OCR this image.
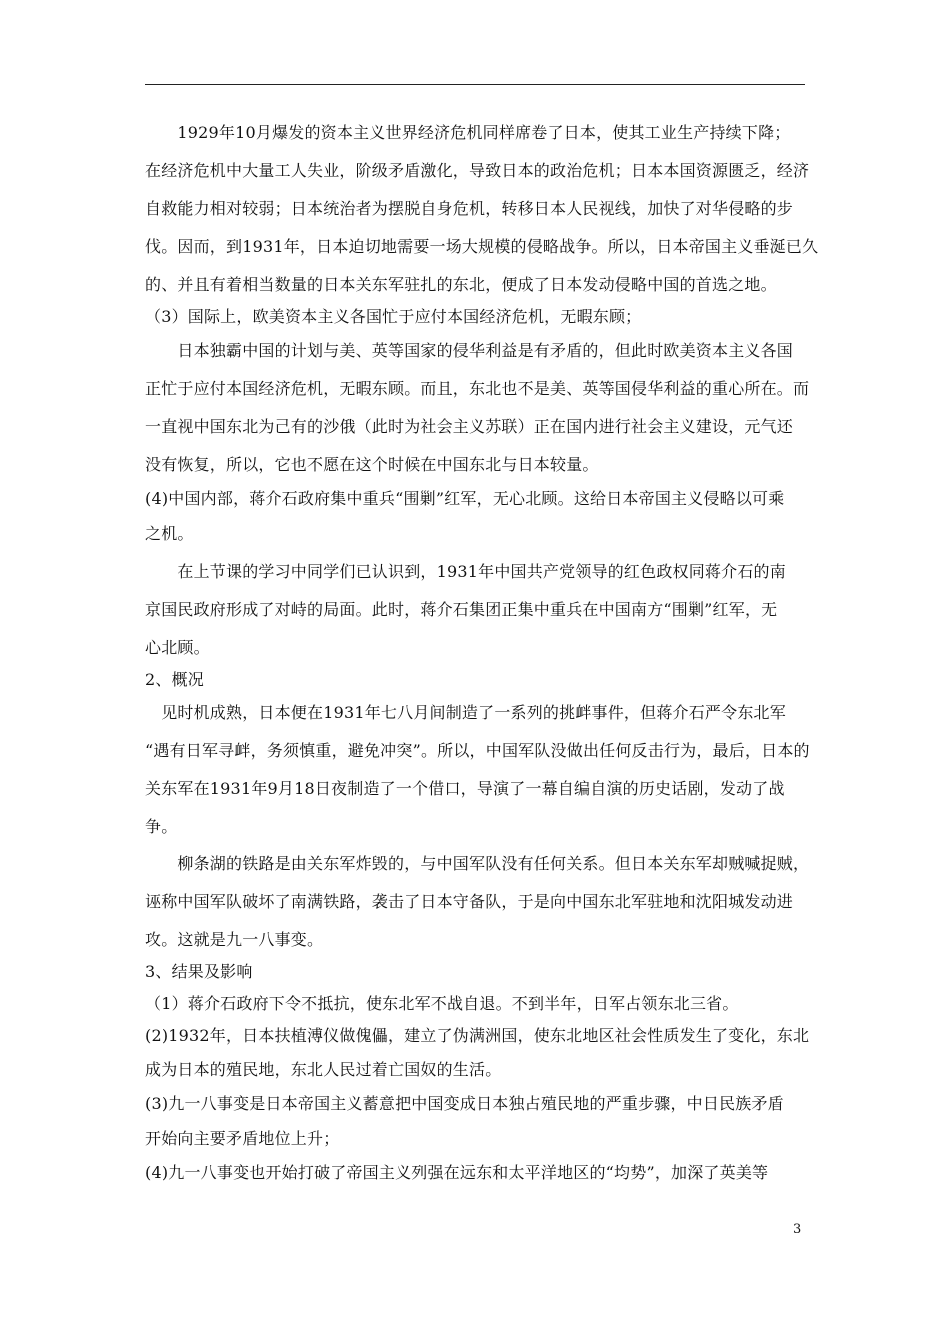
　　1929年10月爆发的资本主义世界经济危机同样席卷了日本，使其工业生产持续下降；

在经济危机中大量工人失业，阶级矛盾激化，导致日本的政治危机；日本本国资源匮乏，经济

自救能力相对较弱；日本统治者为摆脱自身危机，转移日本人民视线，加快了对华侵略的步

伐。因而，到1931年，日本迫切地需要一场大规模的侵略战争。所以，日本帝国主义垂涎已久

的、并且有着相当数量的日本关东军驻扎的东北，便成了日本发动侵略中国的首选之地。

（3）国际上，欧美资本主义各国忙于应付本国经济危机，无暇东顾；

　　日本独霸中国的计划与美、英等国家的侵华利益是有矛盾的，但此时欧美资本主义各国

正忙于应付本国经济危机，无暇东顾。而且，东北也不是美、英等国侵华利益的重心所在。而

一直视中国东北为己有的沙俄（此时为社会主义苏联）正在国内进行社会主义建设，元气还

没有恢复，所以，它也不愿在这个时候在中国东北与日本较量。

(4)中国内部，蒋介石政府集中重兵“围剿”红军，无心北顾。这给日本帝国主义侵略以可乘

之机。

　　在上节课的学习中同学们已认识到，1931年中国共产党领导的红色政权同蒋介石的南

京国民政府形成了对峙的局面。此时，蒋介石集团正集中重兵在中国南方“围剿”红军，无

心北顾。

2、概况

　见时机成熟，日本便在1931年七八月间制造了一系列的挑衅事件，但蒋介石严令东北军

“遇有日军寻衅，务须慎重，避免冲突”。所以，中国军队没做出任何反击行为，最后，日本的

关东军在1931年9月18日夜制造了一个借口，导演了一幕自编自演的历史话剧，发动了战

争。

　　柳条湖的铁路是由关东军炸毁的，与中国军队没有任何关系。但日本关东军却贼喊捉贼，

诬称中国军队破坏了南满铁路，袭击了日本守备队，于是向中国东北军驻地和沈阳城发动进

攻。这就是九一八事变。

3、结果及影响

（1）蒋介石政府下令不抵抗，使东北军不战自退。不到半年，日军占领东北三省。

(2)1932年，日本扶植溥仪做傀儡，建立了伪满洲国，使东北地区社会性质发生了变化，东北

成为日本的殖民地，东北人民过着亡国奴的生活。

(3)九一八事变是日本帝国主义蓄意把中国变成日本独占殖民地的严重步骤，中日民族矛盾

开始向主要矛盾地位上升；

(4)九一八事变也开始打破了帝国主义列强在远东和太平洋地区的“均势”，加深了英美等

3
